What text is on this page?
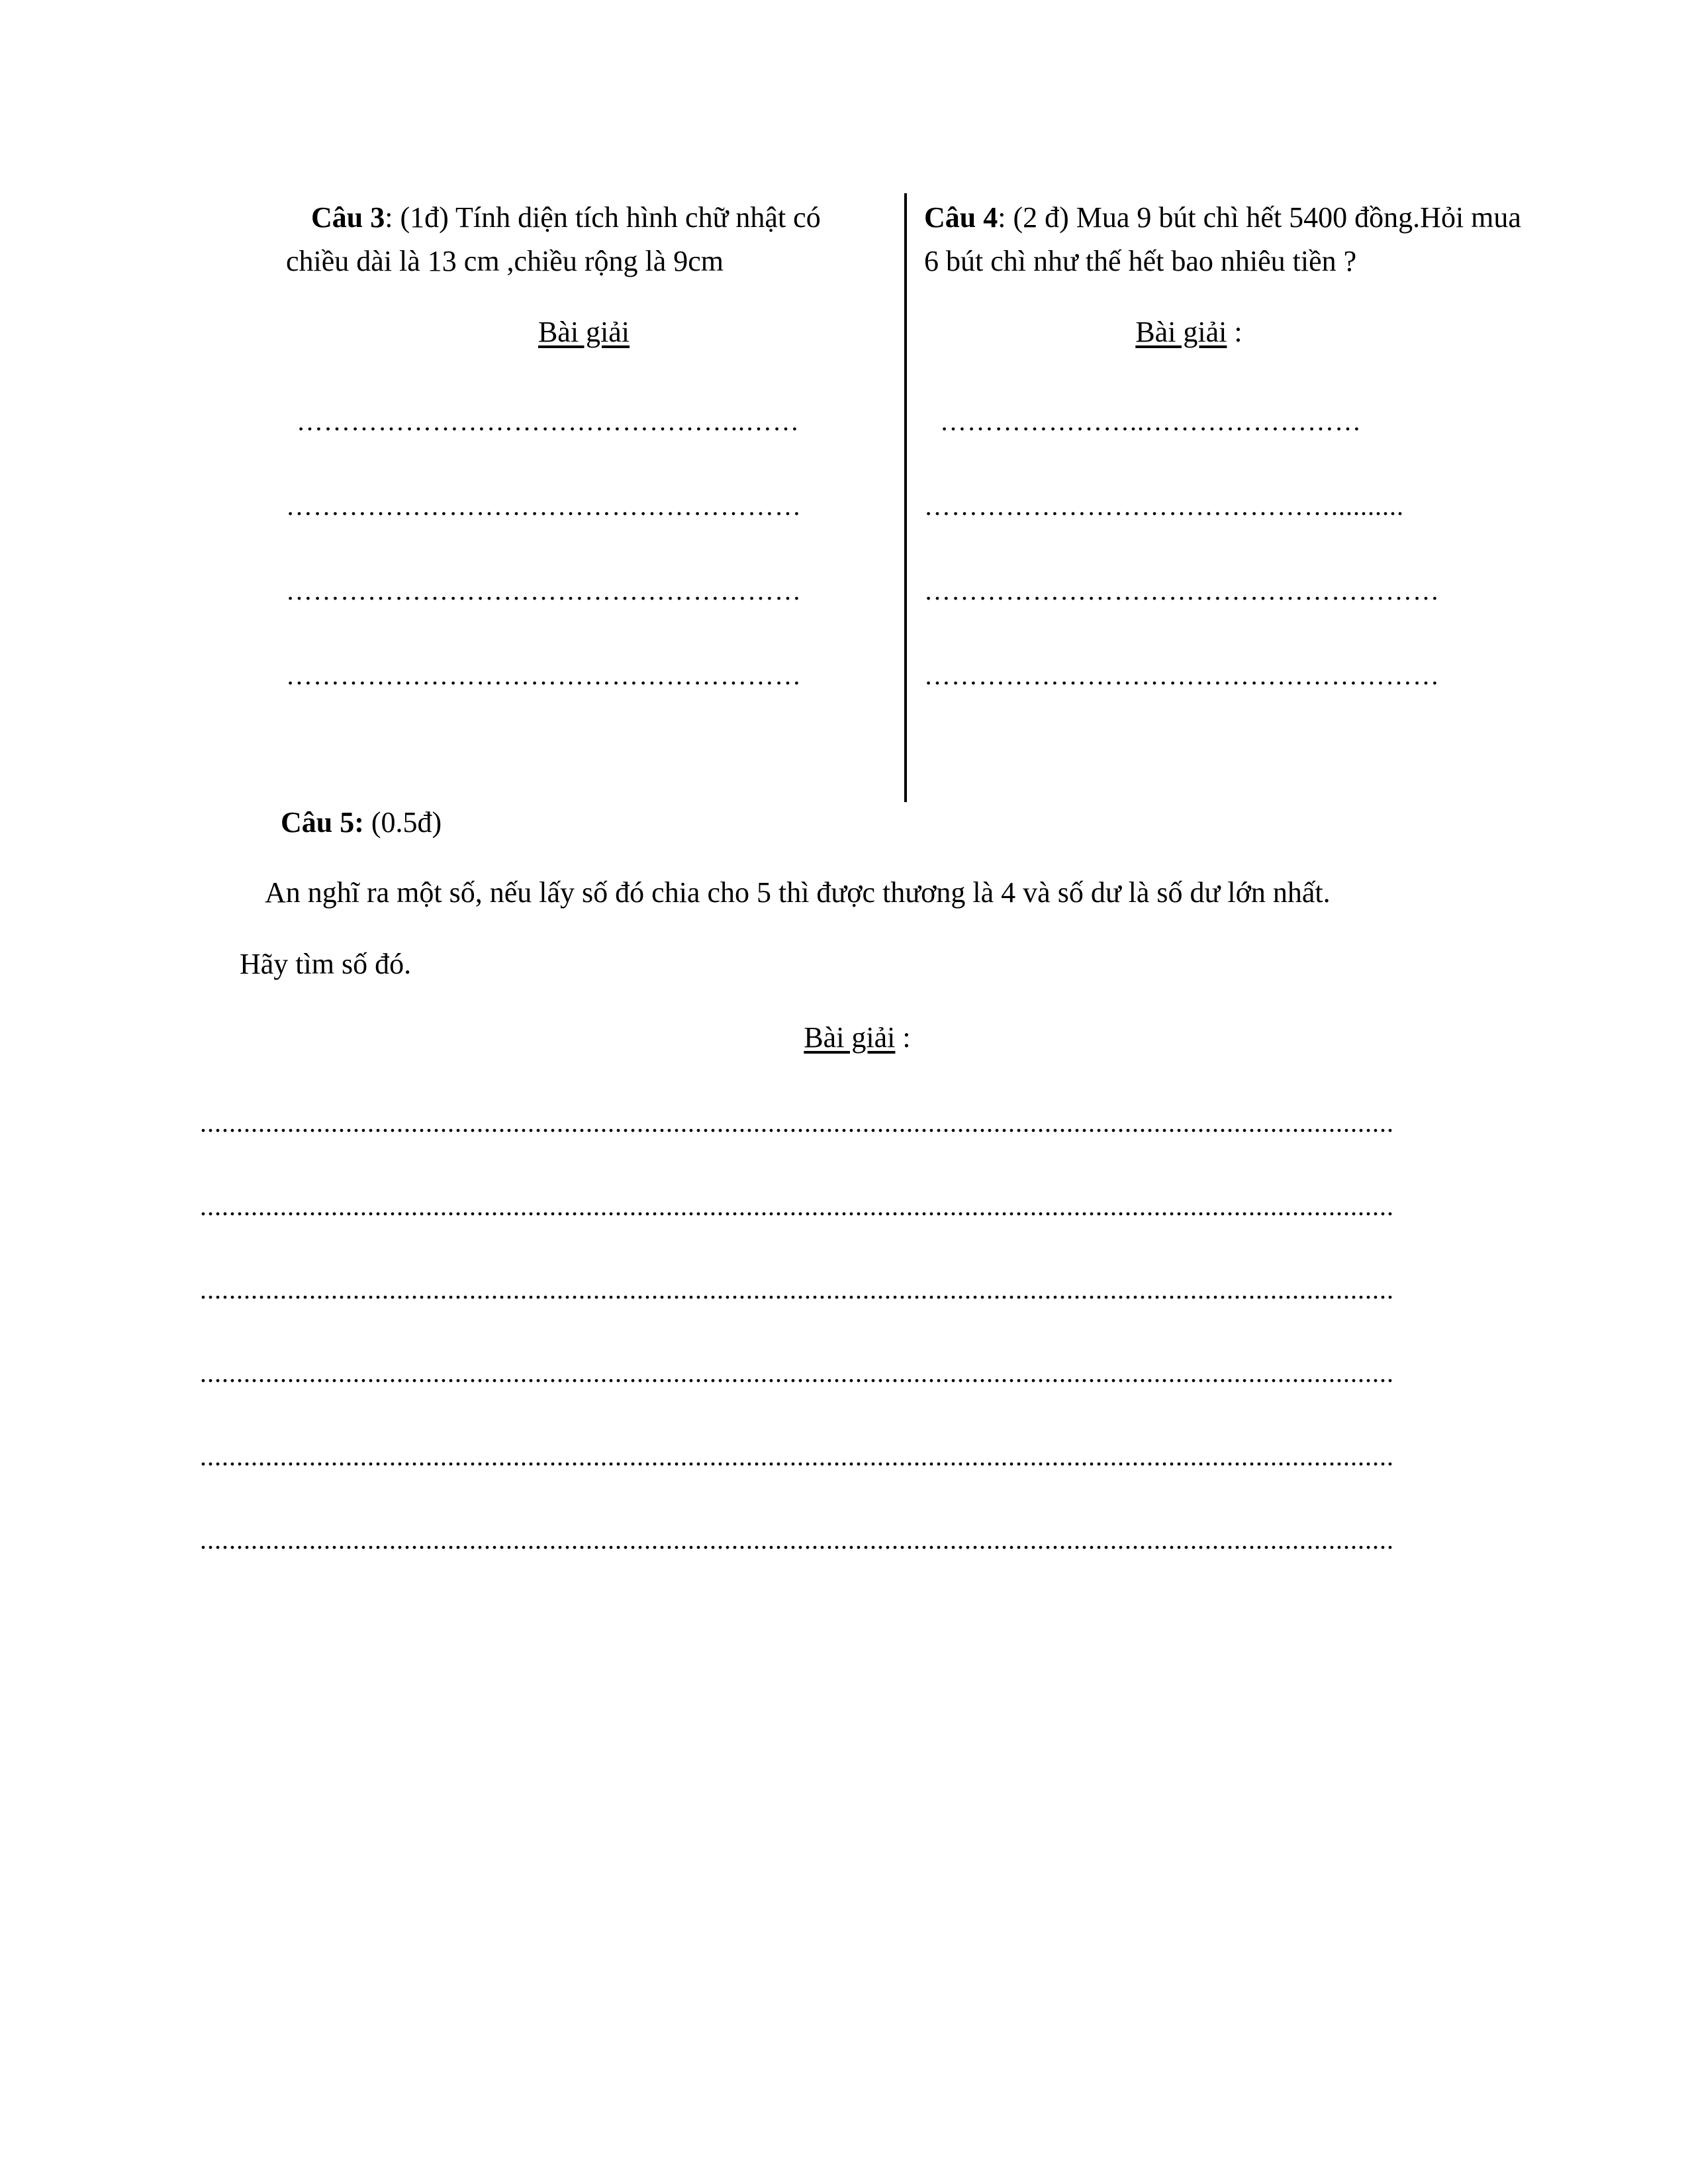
Câu 3: (1đ) Tính diện tích hình chữ nhật có
chiều dài là 13 cm ,chiều rộng là 9cm
Bài giải
…………………………………………..……
…………………………………………………
…………………………………………………
…………………………………………………
Câu 4: (2 đ) Mua 9 bút chì hết 5400 đồng.Hỏi mua
6 bút chì như thế hết bao nhiêu tiền ?
Bài giải :
…………………..……………………
………………………………………..........
…………………………………………………
…………………………………………………
Câu 5: (0.5đ)
An nghĩ ra một số, nếu lấy số đó chia cho 5 thì được thương là 4 và số dư là số dư lớn nhất.
Hãy tìm số đó.
Bài giải :
....................................................................................................................................................................
....................................................................................................................................................................
....................................................................................................................................................................
....................................................................................................................................................................
....................................................................................................................................................................
....................................................................................................................................................................
